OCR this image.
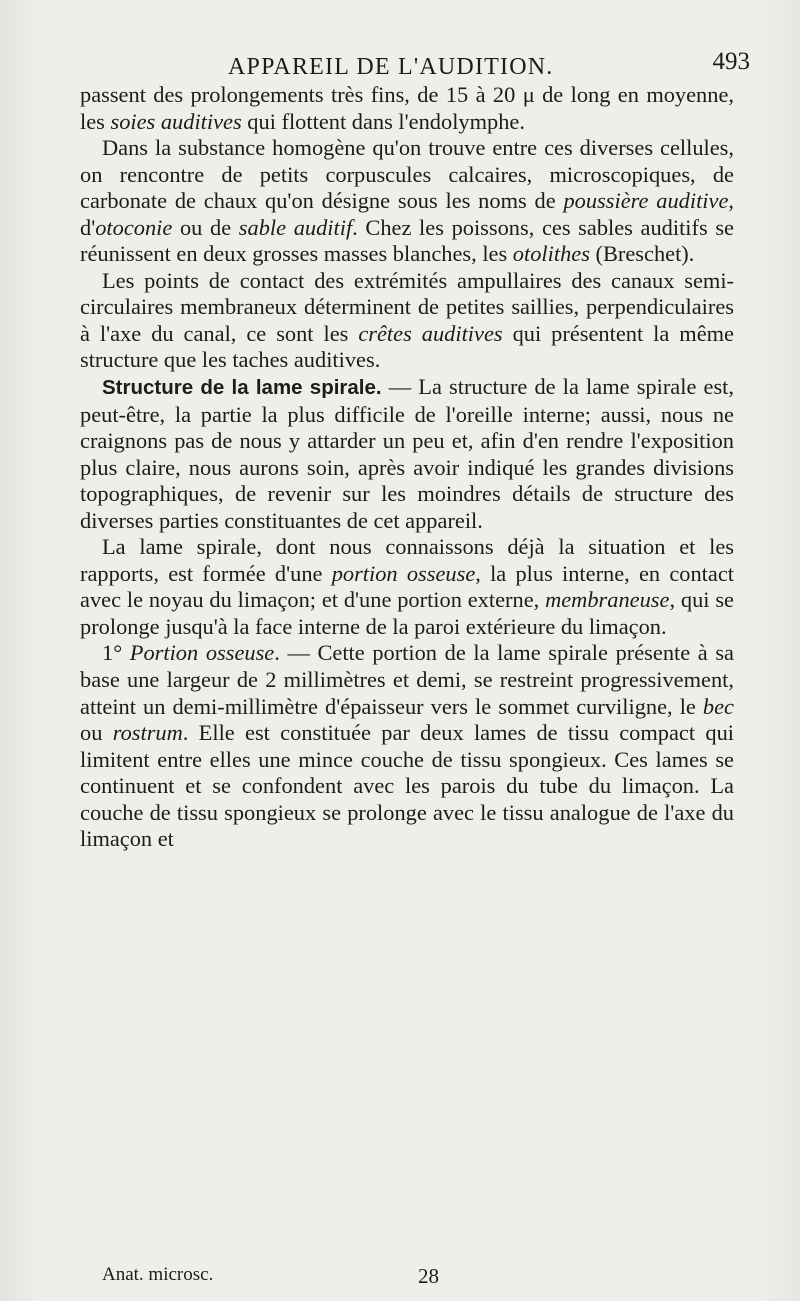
APPAREIL DE L'AUDITION.	493

passent des prolongements très fins, de 15 à 20 μ de long en moyenne, les soies auditives qui flottent dans l'endolymphe.

Dans la substance homogène qu'on trouve entre ces diverses cellules, on rencontre de petits corpuscules calcaires, microscopiques, de carbonate de chaux qu'on désigne sous les noms de poussière auditive, d'otoconie ou de sable auditif. Chez les poissons, ces sables auditifs se réunissent en deux grosses masses blanches, les otolithes (Breschet).

Les points de contact des extrémités ampullaires des canaux semi-circulaires membraneux déterminent de petites saillies, perpendiculaires à l'axe du canal, ce sont les crêtes auditives qui présentent la même structure que les taches auditives.

Structure de la lame spirale. — La structure de la lame spirale est, peut-être, la partie la plus difficile de l'oreille interne; aussi, nous ne craignons pas de nous y attarder un peu et, afin d'en rendre l'exposition plus claire, nous aurons soin, après avoir indiqué les grandes divisions topographiques, de revenir sur les moindres détails de structure des diverses parties constituantes de cet appareil.

La lame spirale, dont nous connaissons déjà la situation et les rapports, est formée d'une portion osseuse, la plus interne, en contact avec le noyau du limaçon; et d'une portion externe, membraneuse, qui se prolonge jusqu'à la face interne de la paroi extérieure du limaçon.

1° Portion osseuse. — Cette portion de la lame spirale présente à sa base une largeur de 2 millimètres et demi, se restreint progressivement, atteint un demi-millimètre d'épaisseur vers le sommet curviligne, le bec ou rostrum. Elle est constituée par deux lames de tissu compact qui limitent entre elles une mince couche de tissu spongieux. Ces lames se continuent et se confondent avec les parois du tube du limaçon. La couche de tissu spongieux se prolonge avec le tissu analogue de l'axe du limaçon et

Anat. microsc.	28
